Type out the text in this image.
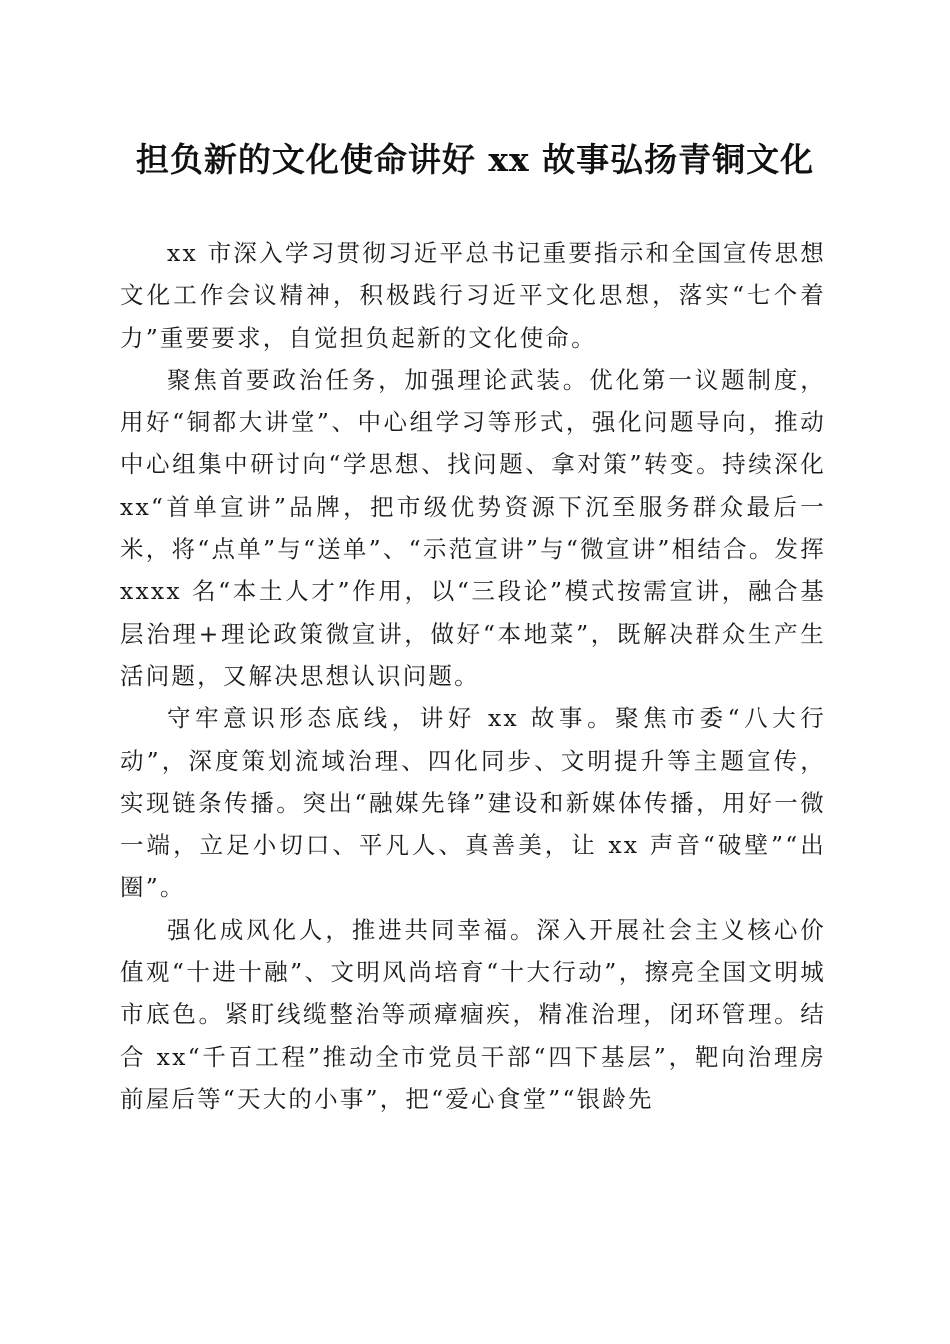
担负新的文化使命讲好 xx 故事弘扬青铜文化

xx 市深入学习贯彻习近平总书记重要指示和全国宣传思想文化工作会议精神，积极践行习近平文化思想，落实“七个着力”重要要求，自觉担负起新的文化使命。

聚焦首要政治任务，加强理论武装。优化第一议题制度，用好“铜都大讲堂”、中心组学习等形式，强化问题导向，推动中心组集中研讨向“学思想、找问题、拿对策”转变。持续深化 xx“首单宣讲”品牌，把市级优势资源下沉至服务群众最后一米，将“点单”与“送单”、“示范宣讲”与“微宣讲”相结合。发挥 xxxx 名“本土人才”作用，以“三段论”模式按需宣讲，融合基层治理+理论政策微宣讲，做好“本地菜”，既解决群众生产生活问题，又解决思想认识问题。

守牢意识形态底线，讲好 xx 故事。聚焦市委“八大行动”，深度策划流域治理、四化同步、文明提升等主题宣传，实现链条传播。突出“融媒先锋”建设和新媒体传播，用好一微一端，立足小切口、平凡人、真善美，让 xx 声音“破壁”“出圈”。

强化成风化人，推进共同幸福。深入开展社会主义核心价值观“十进十融”、文明风尚培育“十大行动”，擦亮全国文明城市底色。紧盯线缆整治等顽瘴痼疾，精准治理，闭环管理。结合 xx“千百工程”推动全市党员干部“四下基层”，靶向治理房前屋后等“天大的小事”，把“爱心食堂”“银龄先
